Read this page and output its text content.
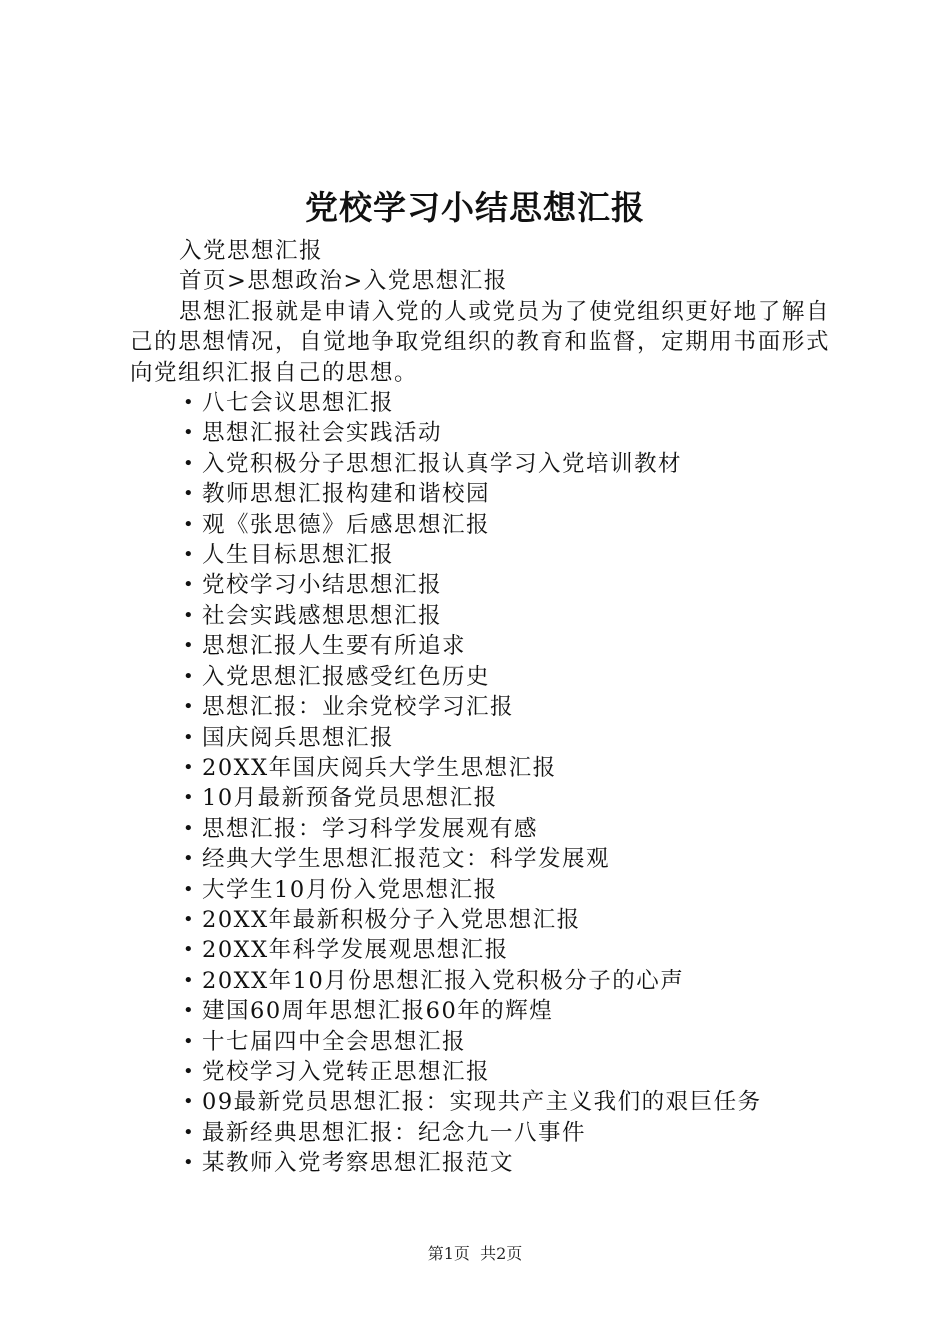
党校学习小结思想汇报
入党思想汇报
首页>思想政治>入党思想汇报

思想汇报就是申请入党的人或党员为了使党组织更好地了解自己的思想情况，自觉地争取党组织的教育和监督，定期用书面形式向党组织汇报自己的思想。

• 八七会议思想汇报
• 思想汇报社会实践活动
• 入党积极分子思想汇报认真学习入党培训教材
• 教师思想汇报构建和谐校园
• 观《张思德》后感思想汇报
• 人生目标思想汇报
• 党校学习小结思想汇报
• 社会实践感想思想汇报
• 思想汇报人生要有所追求
• 入党思想汇报感受红色历史
• 思想汇报：业余党校学习汇报
• 国庆阅兵思想汇报
• 20XX年国庆阅兵大学生思想汇报
• 10月最新预备党员思想汇报
• 思想汇报：学习科学发展观有感
• 经典大学生思想汇报范文：科学发展观
• 大学生10月份入党思想汇报
• 20XX年最新积极分子入党思想汇报
• 20XX年科学发展观思想汇报
• 20XX年10月份思想汇报入党积极分子的心声
• 建国60周年思想汇报60年的辉煌
• 十七届四中全会思想汇报
• 党校学习入党转正思想汇报
• 09最新党员思想汇报：实现共产主义我们的艰巨任务
• 最新经典思想汇报：纪念九一八事件
• 某教师入党考察思想汇报范文
第1页  共2页
